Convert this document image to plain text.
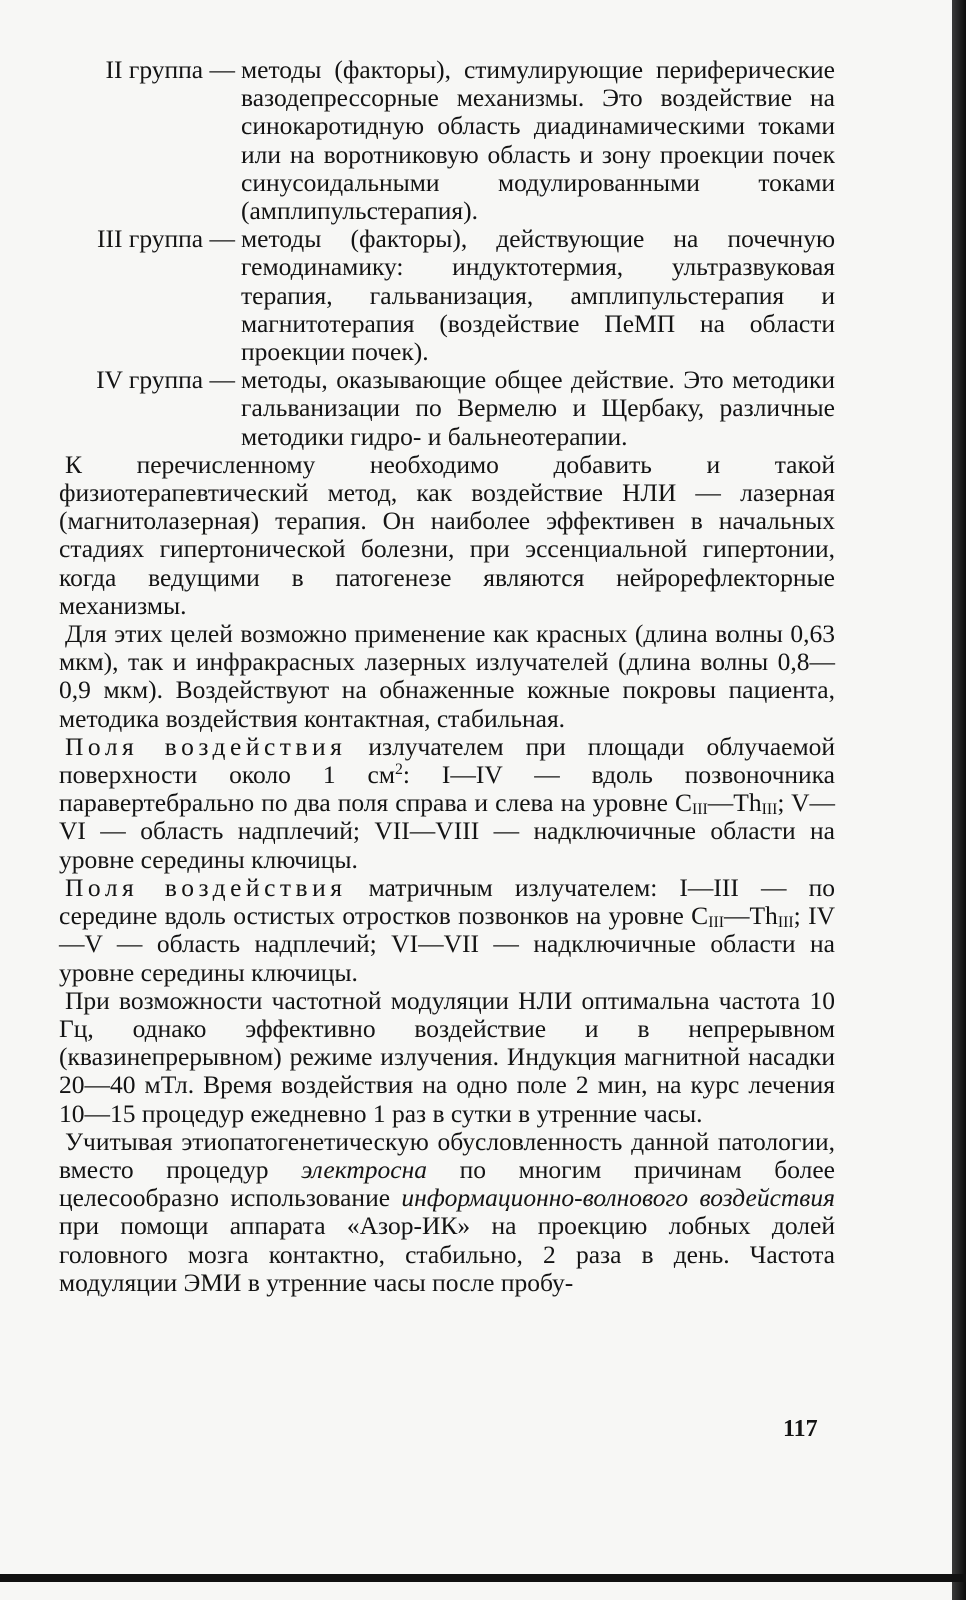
II группа — методы (факторы), стимулирующие периферические вазодепрессорные механизмы. Это воздействие на синокаротидную область диадинамическими токами или на воротниковую область и зону проекции почек синусоидальными модулированными токами (амплипульстерапия).
III группа — методы (факторы), действующие на почечную гемодинамику: индуктотермия, ультразвуковая терапия, гальванизация, амплипульстерапия и магнитотерапия (воздействие ПеМП на области проекции почек).
IV группа — методы, оказывающие общее действие. Это методики гальванизации по Вермелю и Щербаку, различные методики гидро- и бальнеотерапии.

К перечисленному необходимо добавить и такой физиотерапевтический метод, как воздействие НЛИ — лазерная (магнитолазерная) терапия. Он наиболее эффективен в начальных стадиях гипертонической болезни, при эссенциальной гипертонии, когда ведущими в патогенезе являются нейрорефлекторные механизмы.

Для этих целей возможно применение как красных (длина волны 0,63 мкм), так и инфракрасных лазерных излучателей (длина волны 0,8—0,9 мкм). Воздействуют на обнаженные кожные покровы пациента, методика воздействия контактная, стабильная.

Поля воздействия излучателем при площади облучаемой поверхности около 1 $см^2$: I—IV — вдоль позвоночника паравертебрально по два поля справа и слева на уровне $C_{III}—Th_{III}$; V—VI — область надплечий; VII—VIII — надключичные области на уровне середины ключицы.

Поля воздействия матричным излучателем: I—III — по середине вдоль остистых отростков позвонков на уровне $C_{III}—Th_{III}$; IV—V — область надплечий; VI—VII — надключичные области на уровне середины ключицы.

При возможности частотной модуляции НЛИ оптимальна частота 10 Гц, однако эффективно воздействие и в непрерывном (квазинепрерывном) режиме излучения. Индукция магнитной насадки 20—40 мТл. Время воздействия на одно поле 2 мин, на курс лечения 10—15 процедур ежедневно 1 раз в сутки в утренние часы.

Учитывая этиопатогенетическую обусловленность данной патологии, вместо процедур электросна по многим причинам более целесообразно использование информационно-волнового воздействия при помощи аппарата «Азор-ИК» на проекцию лобных долей головного мозга контактно, стабильно, 2 раза в день. Частота модуляции ЭМИ в утренние часы после пробу-

117
